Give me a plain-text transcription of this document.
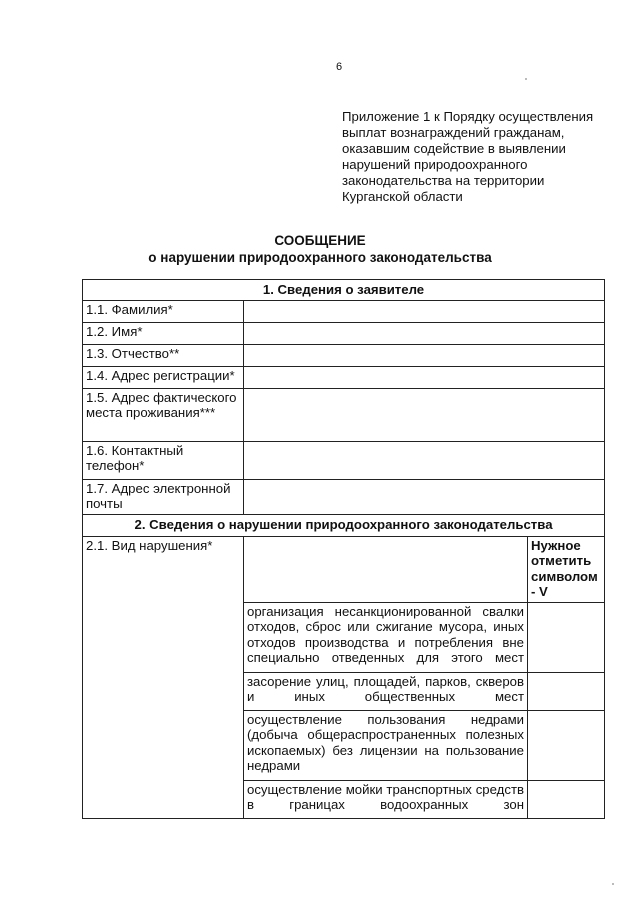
6
Приложение 1 к Порядку осуществления
выплат вознаграждений гражданам,
оказавшим содействие в выявлении
нарушений природоохранного
законодательства на территории
Курганской области
СООБЩЕНИЕ
о нарушении природоохранного законодательства
1. Сведения о заявителе		
1.1. Фамилия*		
1.2. Имя*		
1.3. Отчество**		
1.4. Адрес регистрации*		
1.5. Адрес фактического места проживания***		
1.6. Контактный телефон*		
1.7. Адрес электронной почты		
2. Сведения о нарушении природоохранного законодательства		
2.1. Вид нарушения*		Нужное отметить символом - V
	организация несанкционированной свалки отходов, сброс или сжигание мусора, иных отходов производства и потребления вне специально отведенных для этого мест	
	засорение улиц, площадей, парков, скверов и иных общественных мест	
	осуществление пользования недрами (добыча общераспространенных полезных ископаемых) без лицензии на пользование недрами	
	осуществление мойки транспортных средств в границах водоохранных зон	
